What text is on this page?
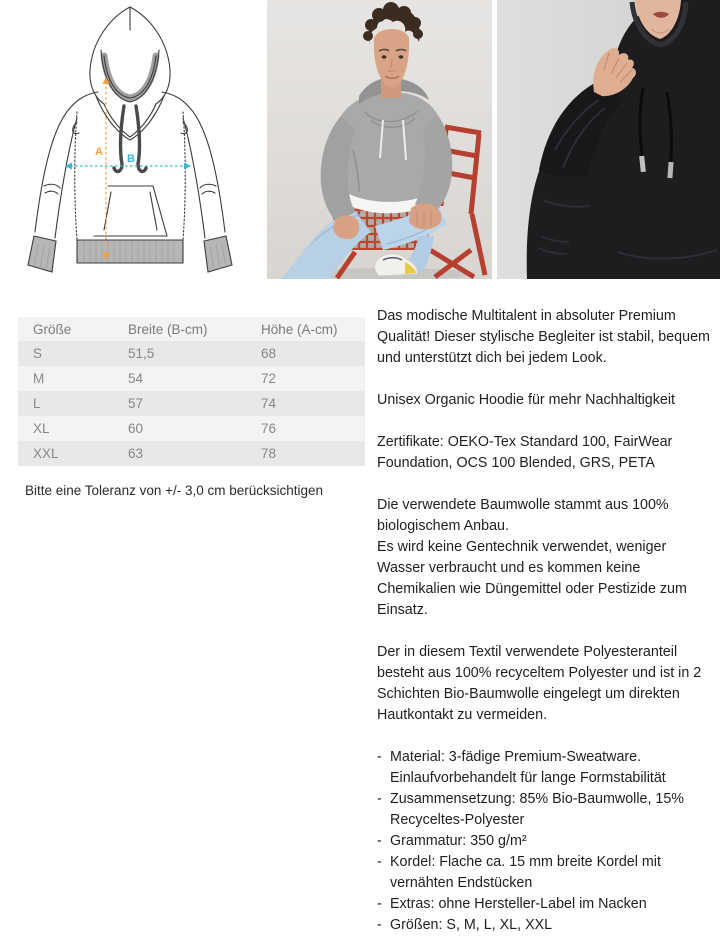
A
B
Größe	Breite (B-cm)	Höhe (A-cm)
S	51,5	68
M	54	72
L	57	74
XL	60	76
XXL	63	78

Bitte eine Toleranz von +/- 3,0 cm berücksichtigen

Das modische Multitalent in absoluter Premium Qualität! Dieser stylische Begleiter ist stabil, bequem und unterstützt dich bei jedem Look.

Unisex Organic Hoodie für mehr Nachhaltigkeit

Zertifikate: OEKO-Tex Standard 100, FairWear Foundation, OCS 100 Blended, GRS, PETA

Die verwendete Baumwolle stammt aus 100% biologischem Anbau.

Es wird keine Gentechnik verwendet, weniger Wasser verbraucht und es kommen keine Chemikalien wie Düngemittel oder Pestizide zum Einsatz.

Der in diesem Textil verwendete Polyesteranteil besteht aus 100% recyceltem Polyester und ist in 2 Schichten Bio-Baumwolle eingelegt um direkten Hautkontakt zu vermeiden.

- Material: 3-fädige Premium-Sweatware. Einlaufvorbehandelt für lange Formstabilität
- Zusammensetzung: 85% Bio-Baumwolle, 15% Recyceltes-Polyester
- Grammatur: 350 g/m²
- Kordel: Flache ca. 15 mm breite Kordel mit vernähten Endstücken
- Extras: ohne Hersteller-Label im Nacken
- Größen: S, M, L, XL, XXL
